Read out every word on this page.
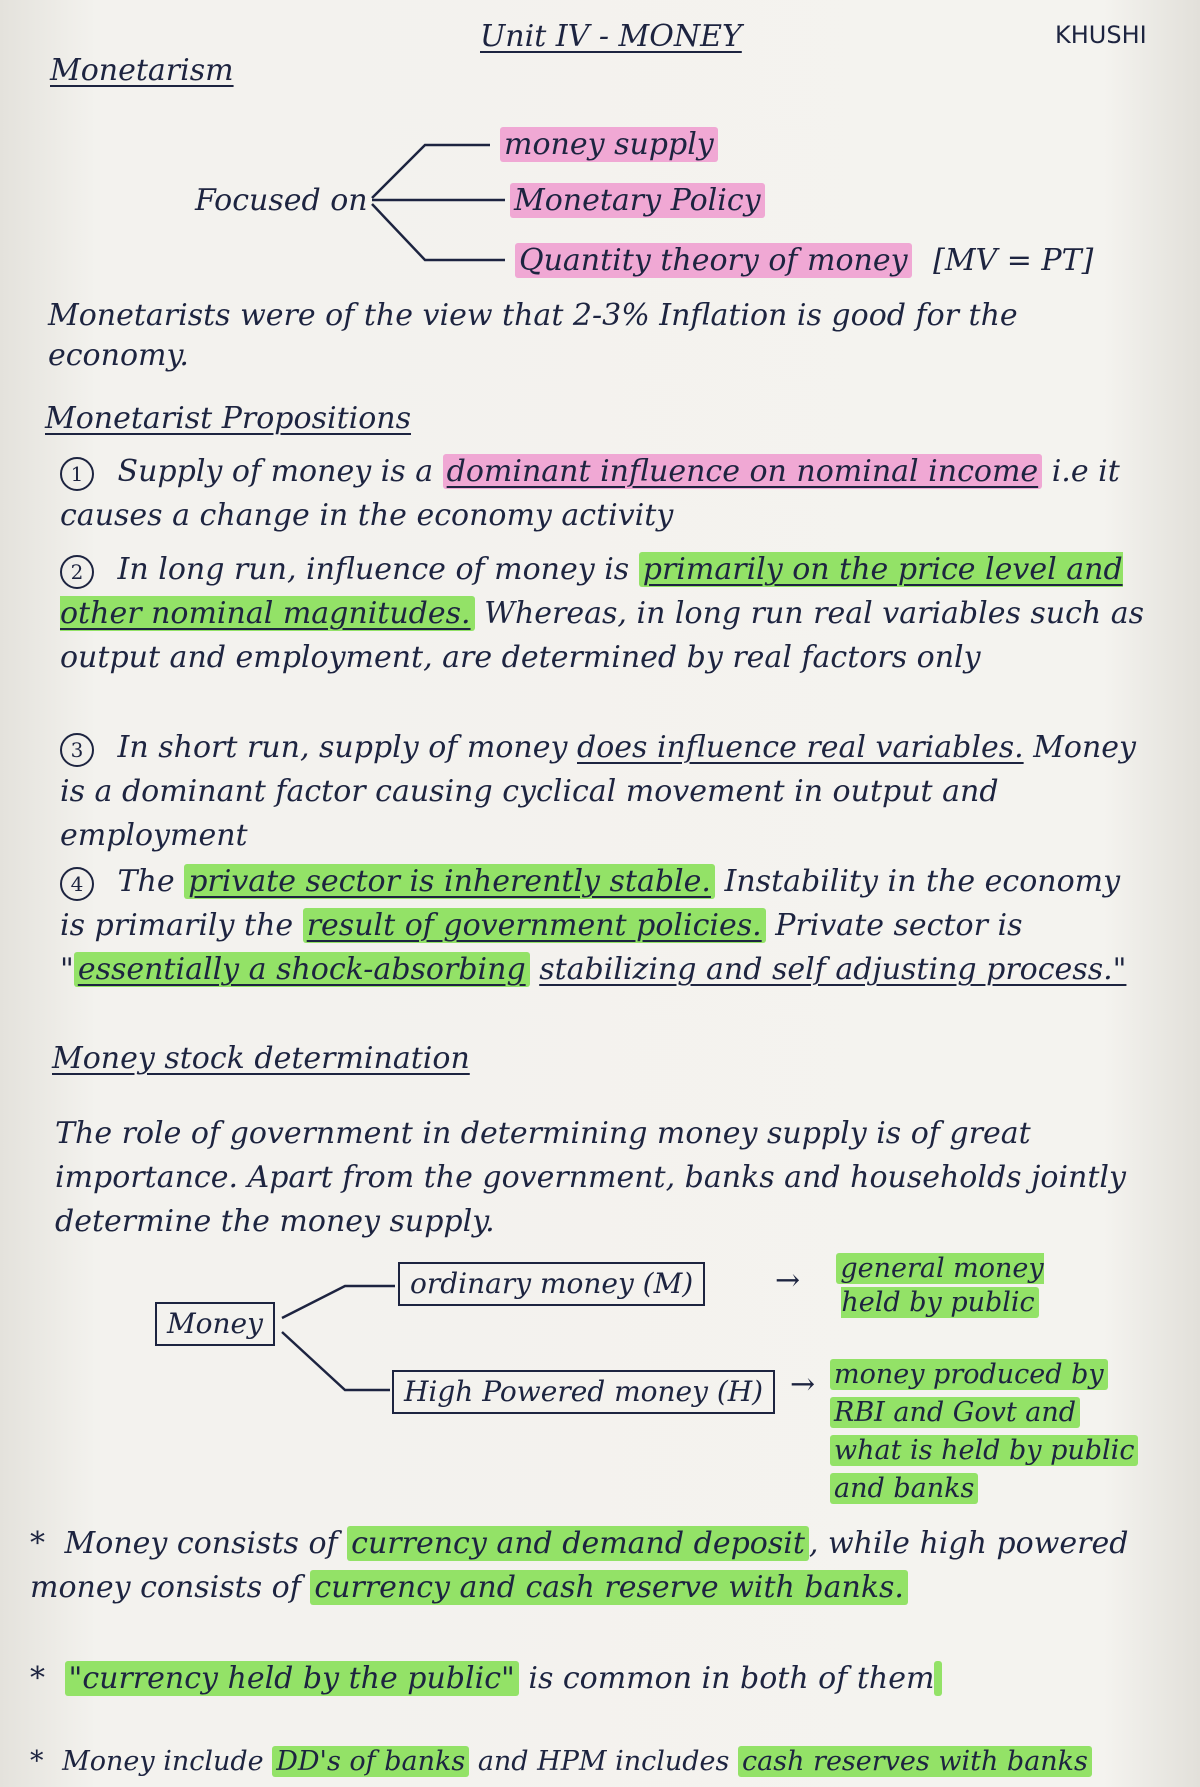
Unit IV - MONEY	KHUSHI
Monetarism
Focused on
money supply
Monetary Policy
Quantity theory of money [MV = PT]
Monetarists were of the view that 2-3% Inflation is good for the economy.
Monetarist Propositions
1 Supply of money is a dominant influence on nominal income i.e it causes a change in the economy activity
2 In long run, influence of money is primarily on the price level and other nominal magnitudes. Whereas, in long run real variables such as output and employment, are determined by real factors only
3 In short run, supply of money does influence real variables. Money is a dominant factor causing cyclical movement in output and employment
4 The private sector is inherently stable. Instability in the economy is primarily the result of government policies. Private sector is " essentially a shock-absorbing stabilizing and self adjusting process."
Money stock determination
The role of government in determining money supply is of great importance. Apart from the government, banks and households jointly determine the money supply.
Money
ordinary money (M)	→	general money held by public
High Powered money (H) → money produced by
RBI and Govt and
what is held by public
and banks
* Money consists of currency and demand deposit , while high powered money consists of currency and cash reserve with banks.
* "currency held by the public" is common in both of them
* Money include DD's of banks and HPM includes cash reserves with banks
